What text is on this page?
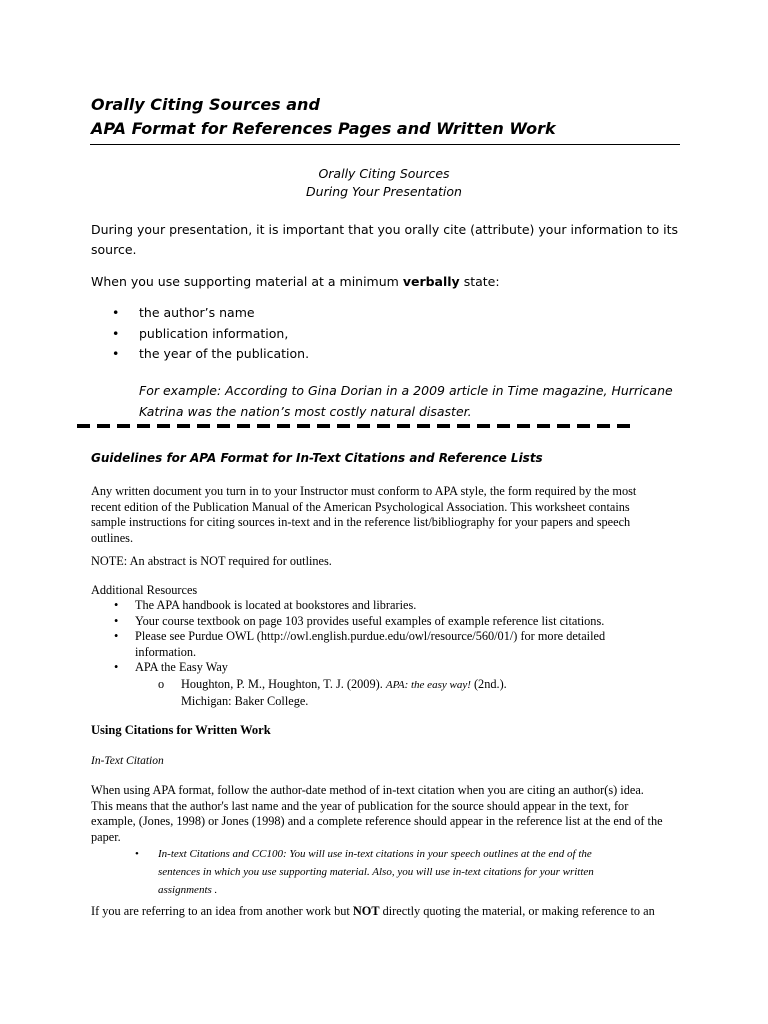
Orally Citing Sources and
APA Format for References Pages and Written Work
Orally Citing Sources
During Your Presentation

During your presentation, it is important that you orally cite (attribute) your information to its
source.

When you use supporting material at a minimum verbally state:

• the author’s name
• publication information,
• the year of the publication.
For example: According to Gina Dorian in a 2009 article in Time magazine, Hurricane
Katrina was the nation’s most costly natural disaster.
Guidelines for APA Format for In-Text Citations and Reference Lists
Any written document you turn in to your Instructor must conform to APA style, the form required by the most
recent edition of the Publication Manual of the American Psychological Association. This worksheet contains
sample instructions for citing sources in-text and in the reference list/bibliography for your papers and speech
outlines.
NOTE: An abstract is NOT required for outlines.
Additional Resources
• The APA handbook is located at bookstores and libraries.
• Your course textbook on page 103 provides useful examples of example reference list citations.
• Please see Purdue OWL (http://owl.english.purdue.edu/owl/resource/560/01/) for more detailed
information.
• APA the Easy Way
o Houghton, P. M., Houghton, T. J. (2009). APA: the easy way! (2nd.).
Michigan: Baker College.
Using Citations for Written Work
In-Text Citation
When using APA format, follow the author-date method of in-text citation when you are citing an author(s) idea.
This means that the author's last name and the year of publication for the source should appear in the text, for
example, (Jones, 1998) or Jones (1998) and a complete reference should appear in the reference list at the end of the
paper.
•	In-text Citations and CC100: You will use in-text citations in your speech outlines at the end of the
sentences in which you use supporting material. Also, you will use in-text citations for your written
assignments .
If you are referring to an idea from another work but NOT directly quoting the material, or making reference to an
